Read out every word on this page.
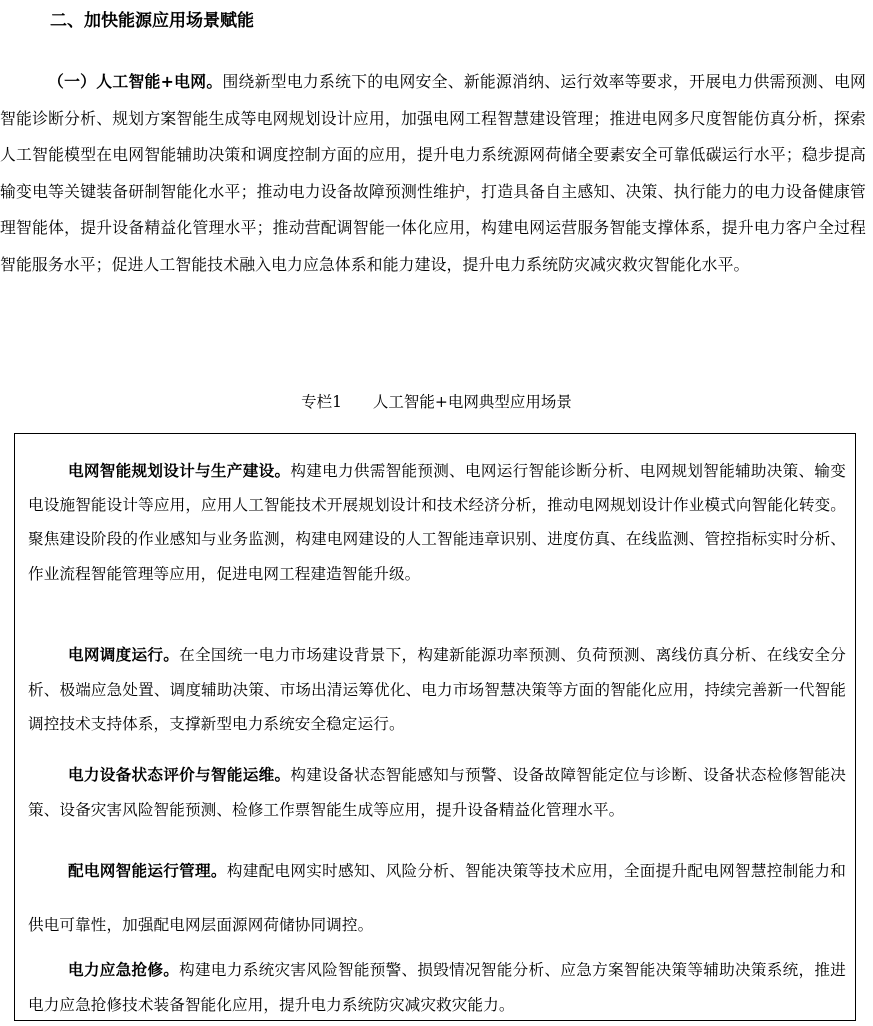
二、加快能源应用场景赋能

（一）人工智能+电网。围绕新型电力系统下的电网安全、新能源消纳、运行效率等要求，开展电力供需预测、电网智能诊断分析、规划方案智能生成等电网规划设计应用，加强电网工程智慧建设管理；推进电网多尺度智能仿真分析，探索人工智能模型在电网智能辅助决策和调度控制方面的应用，提升电力系统源网荷储全要素安全可靠低碳运行水平；稳步提高输变电等关键装备研制智能化水平；推动电力设备故障预测性维护，打造具备自主感知、决策、执行能力的电力设备健康管理智能体，提升设备精益化管理水平；推动营配调智能一体化应用，构建电网运营服务智能支撑体系，提升电力客户全过程智能服务水平；促进人工智能技术融入电力应急体系和能力建设，提升电力系统防灾减灾救灾智能化水平。

专栏1　　人工智能+电网典型应用场景

电网智能规划设计与生产建设。构建电力供需智能预测、电网运行智能诊断分析、电网规划智能辅助决策、输变电设施智能设计等应用，应用人工智能技术开展规划设计和技术经济分析，推动电网规划设计作业模式向智能化转变。聚焦建设阶段的作业感知与业务监测，构建电网建设的人工智能违章识别、进度仿真、在线监测、管控指标实时分析、作业流程智能管理等应用，促进电网工程建造智能升级。

电网调度运行。在全国统一电力市场建设背景下，构建新能源功率预测、负荷预测、离线仿真分析、在线安全分析、极端应急处置、调度辅助决策、市场出清运筹优化、电力市场智慧决策等方面的智能化应用，持续完善新一代智能调控技术支持体系，支撑新型电力系统安全稳定运行。

电力设备状态评价与智能运维。构建设备状态智能感知与预警、设备故障智能定位与诊断、设备状态检修智能决策、设备灾害风险智能预测、检修工作票智能生成等应用，提升设备精益化管理水平。

配电网智能运行管理。构建配电网实时感知、风险分析、智能决策等技术应用，全面提升配电网智慧控制能力和供电可靠性，加强配电网层面源网荷储协同调控。

电力应急抢修。构建电力系统灾害风险智能预警、损毁情况智能分析、应急方案智能决策等辅助决策系统，推进电力应急抢修技术装备智能化应用，提升电力系统防灾减灾救灾能力。
